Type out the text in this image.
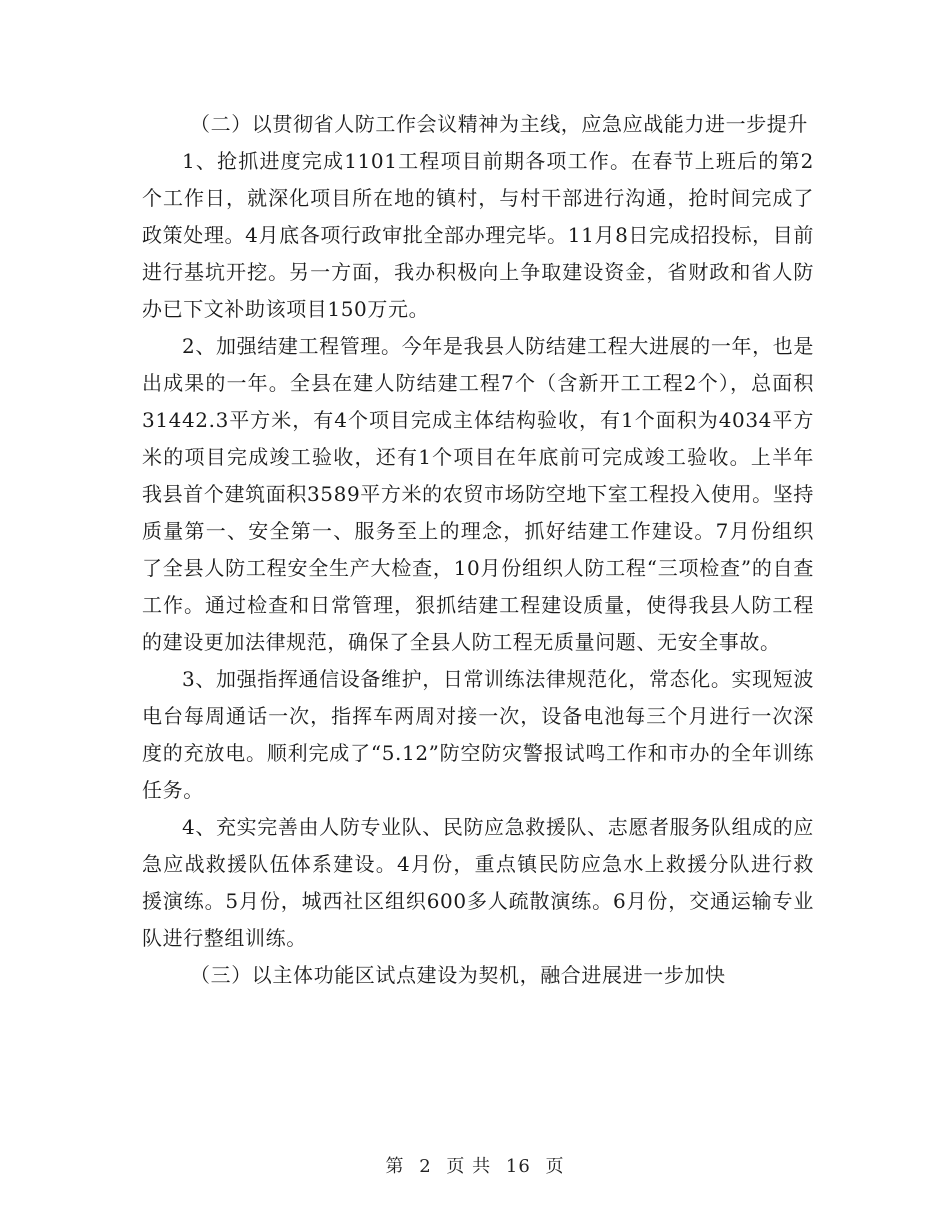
（二）以贯彻省人防工作会议精神为主线，应急应战能力进一步提升

1、抢抓进度完成1101工程项目前期各项工作。在春节上班后的第2个工作日，就深化项目所在地的镇村，与村干部进行沟通，抢时间完成了政策处理。4月底各项行政审批全部办理完毕。11月8日完成招投标，目前进行基坑开挖。另一方面，我办积极向上争取建设资金，省财政和省人防办已下文补助该项目150万元。

2、加强结建工程管理。今年是我县人防结建工程大进展的一年，也是出成果的一年。全县在建人防结建工程7个（含新开工工程2个），总面积31442.3平方米，有4个项目完成主体结构验收，有1个面积为4034平方米的项目完成竣工验收，还有1个项目在年底前可完成竣工验收。上半年我县首个建筑面积3589平方米的农贸市场防空地下室工程投入使用。坚持质量第一、安全第一、服务至上的理念，抓好结建工作建设。7月份组织了全县人防工程安全生产大检查，10月份组织人防工程“三项检查”的自查工作。通过检查和日常管理，狠抓结建工程建设质量，使得我县人防工程的建设更加法律规范，确保了全县人防工程无质量问题、无安全事故。

3、加强指挥通信设备维护，日常训练法律规范化，常态化。实现短波电台每周通话一次，指挥车两周对接一次，设备电池每三个月进行一次深度的充放电。顺利完成了“5.12”防空防灾警报试鸣工作和市办的全年训练任务。

4、充实完善由人防专业队、民防应急救援队、志愿者服务队组成的应急应战救援队伍体系建设。4月份，重点镇民防应急水上救援分队进行救援演练。5月份，城西社区组织600多人疏散演练。6月份，交通运输专业队进行整组训练。

（三）以主体功能区试点建设为契机，融合进展进一步加快

第 2 页 共 16 页
